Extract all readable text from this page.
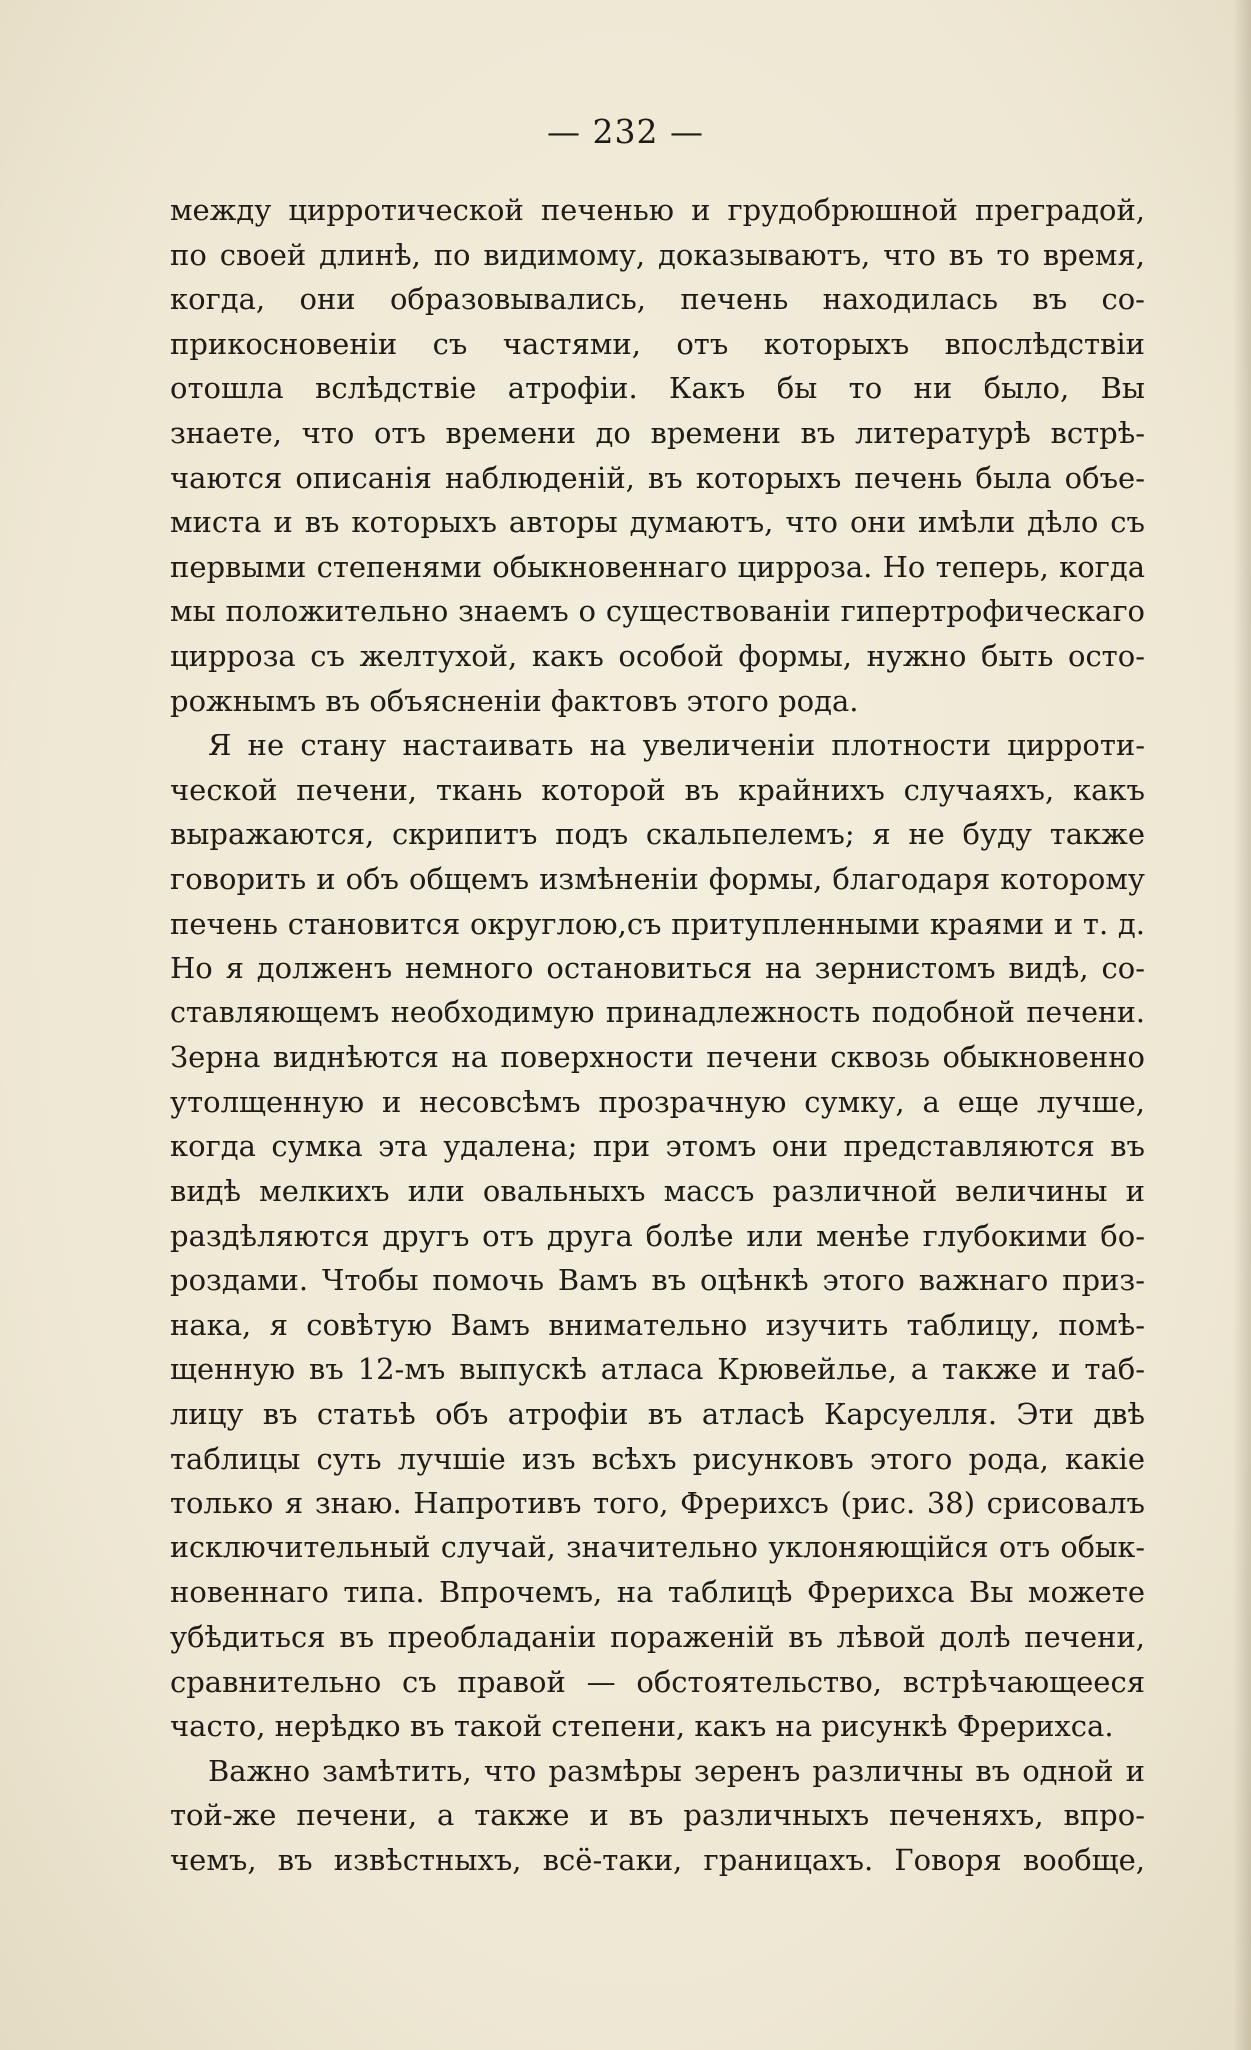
— 232 —
между цирротической печенью и грудобрюшной преградой,
по своей длинѣ, по видимому, доказываютъ, что въ то время,
когда, они образовывались, печень находилась въ со-
прикосновенiи съ частями, отъ которыхъ впослѣдствiи
отошла вслѣдствiе атрофiи. Какъ бы то ни было, Вы
знаете, что отъ времени до времени въ литературѣ встрѣ-
чаются описанiя наблюденiй, въ которыхъ печень была объе-
миста и въ которыхъ авторы думаютъ, что они имѣли дѣло съ
первыми степенями обыкновеннаго цирроза. Но теперь, когда
мы положительно знаемъ о существованiи гипертрофическаго
цирроза съ желтухой, какъ особой формы, нужно быть осто-
рожнымъ въ объясненiи фактовъ этого рода.
Я не стану настаивать на увеличенiи плотности цирроти-
ческой печени, ткань которой въ крайнихъ случаяхъ, какъ
выражаются, скрипитъ подъ скальпелемъ; я не буду также
говорить и объ общемъ измѣненiи формы, благодаря которому
печень становится округлою,съ притупленными краями и т. д.
Но я долженъ немного остановиться на зернистомъ видѣ, со-
ставляющемъ необходимую принадлежность подобной печени.
Зерна виднѣются на поверхности печени сквозь обыкновенно
утолщенную и несовсѣмъ прозрачную сумку, а еще лучше,
когда сумка эта удалена; при этомъ они представляются въ
видѣ мелкихъ или овальныхъ массъ различной величины и
раздѣляются другъ отъ друга болѣе или менѣе глубокими бо-
роздами. Чтобы помочь Вамъ въ оцѣнкѣ этого важнаго приз-
нака, я совѣтую Вамъ внимательно изучить таблицу, помѣ-
щенную въ 12-мъ выпускѣ атласа Крювейлье, а также и таб-
лицу въ статьѣ объ атрофiи въ атласѣ Карсуелля. Эти двѣ
таблицы суть лучшiе изъ всѣхъ рисунковъ этого рода, какiе
только я знаю. Напротивъ того, Фрерихсъ (рис. 38) срисовалъ
исключительный случай, значительно уклоняющiйся отъ обык-
новеннаго типа. Впрочемъ, на таблицѣ Фрерихса Вы можете
убѣдиться въ преобладанiи пораженiй въ лѣвой долѣ печени,
сравнительно съ правой — обстоятельство, встрѣчающееся
часто, нерѣдко въ такой степени, какъ на рисункѣ Фрерихса.
Важно замѣтить, что размѣры зеренъ различны въ одной и
той-же печени, а также и въ различныхъ печеняхъ, впро-
чемъ, въ извѣстныхъ, всё-таки, границахъ. Говоря вообще,
